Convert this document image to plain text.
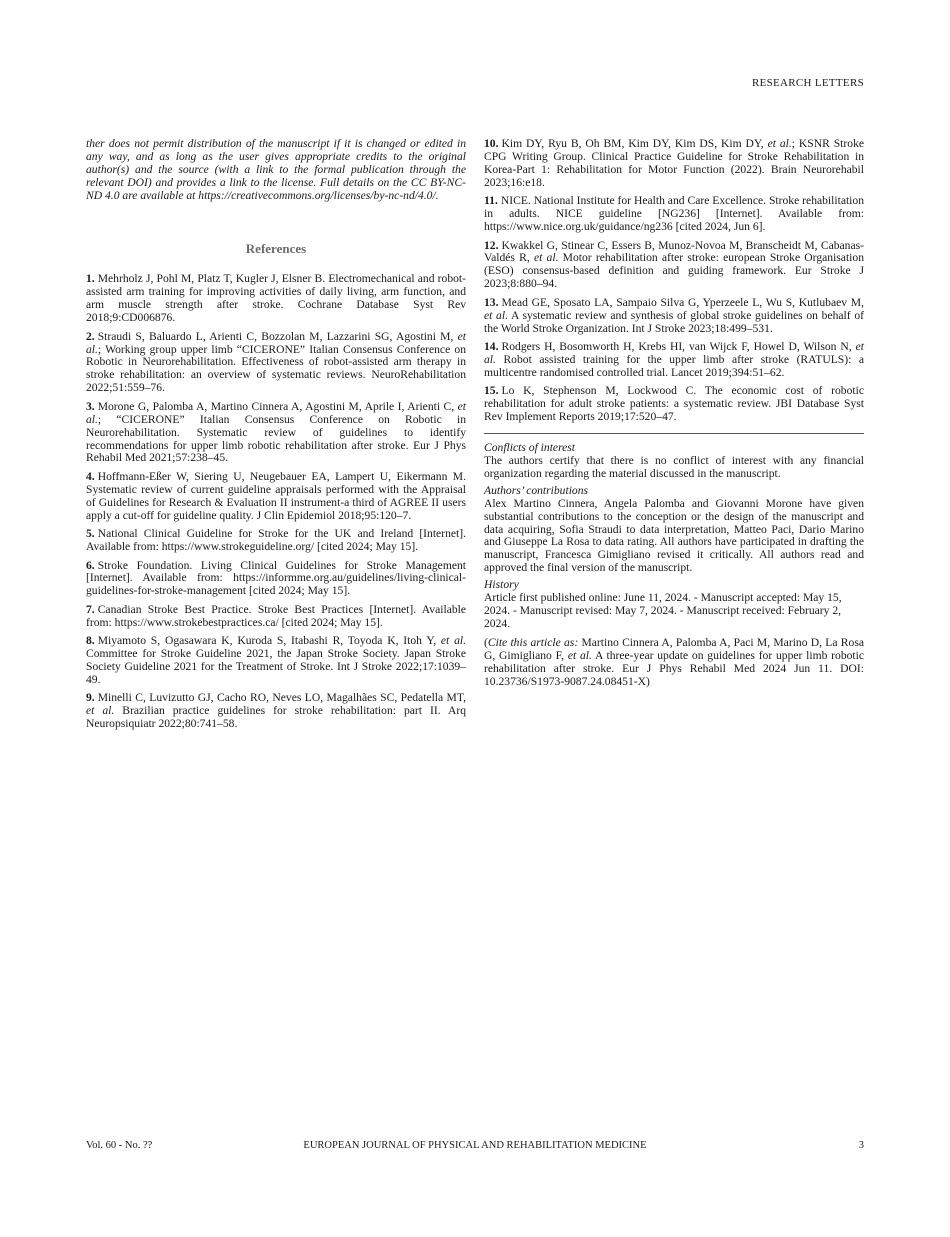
RESEARCH LETTERS

ther does not permit distribution of the manuscript if it is changed or edited in any way, and as long as the user gives appropriate credits to the original author(s) and the source (with a link to the formal publication through the relevant DOI) and provides a link to the license. Full details on the CC BY-NC-ND 4.0 are available at https://creativecommons.org/licenses/by-nc-nd/4.0/.

References

1. Mehrholz J, Pohl M, Platz T, Kugler J, Elsner B. Electromechanical and robot-assisted arm training for improving activities of daily living, arm function, and arm muscle strength after stroke. Cochrane Database Syst Rev 2018;9:CD006876.

2. Straudi S, Baluardo L, Arienti C, Bozzolan M, Lazzarini SG, Agostini M, et al.; Working group upper limb “CICERONE” Italian Consensus Conference on Robotic in Neurorehabilitation. Effectiveness of robot-assisted arm therapy in stroke rehabilitation: an overview of systematic reviews. NeuroRehabilitation 2022;51:559–76.

3. Morone G, Palomba A, Martino Cinnera A, Agostini M, Aprile I, Arienti C, et al.; “CICERONE” Italian Consensus Conference on Robotic in Neurorehabilitation. Systematic review of guidelines to identify recommendations for upper limb robotic rehabilitation after stroke. Eur J Phys Rehabil Med 2021;57:238–45.

4. Hoffmann-Eßer W, Siering U, Neugebauer EA, Lampert U, Eikermann M. Systematic review of current guideline appraisals performed with the Appraisal of Guidelines for Research & Evaluation II instrument-a third of AGREE II users apply a cut-off for guideline quality. J Clin Epidemiol 2018;95:120–7.

5. National Clinical Guideline for Stroke for the UK and Ireland [Internet]. Available from: https://www.strokeguideline.org/ [cited 2024; May 15].

6. Stroke Foundation. Living Clinical Guidelines for Stroke Management [Internet]. Available from: https://informme.org.au/guidelines/living-clinical-guidelines-for-stroke-management [cited 2024; May 15].

7. Canadian Stroke Best Practice. Stroke Best Practices [Internet]. Available from: https://www.strokebestpractices.ca/ [cited 2024; May 15].

8. Miyamoto S, Ogasawara K, Kuroda S, Itabashi R, Toyoda K, Itoh Y, et al. Committee for Stroke Guideline 2021, the Japan Stroke Society. Japan Stroke Society Guideline 2021 for the Treatment of Stroke. Int J Stroke 2022;17:1039–49.

9. Minelli C, Luvizutto GJ, Cacho RO, Neves LO, Magalhães SC, Pedatella MT, et al. Brazilian practice guidelines for stroke rehabilitation: part II. Arq Neuropsiquiatr 2022;80:741–58.

10. Kim DY, Ryu B, Oh BM, Kim DY, Kim DS, Kim DY, et al.; KSNR Stroke CPG Writing Group. Clinical Practice Guideline for Stroke Rehabilitation in Korea-Part 1: Rehabilitation for Motor Function (2022). Brain Neurorehabil 2023;16:e18.

11. NICE. National Institute for Health and Care Excellence. Stroke rehabilitation in adults. NICE guideline [NG236] [Internet]. Available from: https://www.nice.org.uk/guidance/ng236 [cited 2024, Jun 6].

12. Kwakkel G, Stinear C, Essers B, Munoz-Novoa M, Branscheidt M, Cabanas-Valdés R, et al. Motor rehabilitation after stroke: european Stroke Organisation (ESO) consensus-based definition and guiding framework. Eur Stroke J 2023;8:880–94.

13. Mead GE, Sposato LA, Sampaio Silva G, Yperzeele L, Wu S, Kutlubaev M, et al. A systematic review and synthesis of global stroke guidelines on behalf of the World Stroke Organization. Int J Stroke 2023;18:499–531.

14. Rodgers H, Bosomworth H, Krebs HI, van Wijck F, Howel D, Wilson N, et al. Robot assisted training for the upper limb after stroke (RATULS): a multicentre randomised controlled trial. Lancet 2019;394:51–62.

15. Lo K, Stephenson M, Lockwood C. The economic cost of robotic rehabilitation for adult stroke patients: a systematic review. JBI Database Syst Rev Implement Reports 2019;17:520–47.

Conflicts of interest

The authors certify that there is no conflict of interest with any financial organization regarding the material discussed in the manuscript.

Authors’ contributions

Alex Martino Cinnera, Angela Palomba and Giovanni Morone have given substantial contributions to the conception or the design of the manuscript and data acquiring, Sofia Straudi to data interpretation, Matteo Paci, Dario Marino and Giuseppe La Rosa to data rating. All authors have participated in drafting the manuscript, Francesca Gimigliano revised it critically. All authors read and approved the final version of the manuscript.

History

Article first published online: June 11, 2024. - Manuscript accepted: May 15, 2024. - Manuscript revised: May 7, 2024. - Manuscript received: February 2, 2024.

(Cite this article as: Martino Cinnera A, Palomba A, Paci M, Marino D, La Rosa G, Gimigliano F, et al. A three-year update on guidelines for upper limb robotic rehabilitation after stroke. Eur J Phys Rehabil Med 2024 Jun 11. DOI: 10.23736/S1973-9087.24.08451-X)

Vol. 60 - No. ??	EUROPEAN JOURNAL OF PHYSICAL AND REHABILITATION MEDICINE	3
